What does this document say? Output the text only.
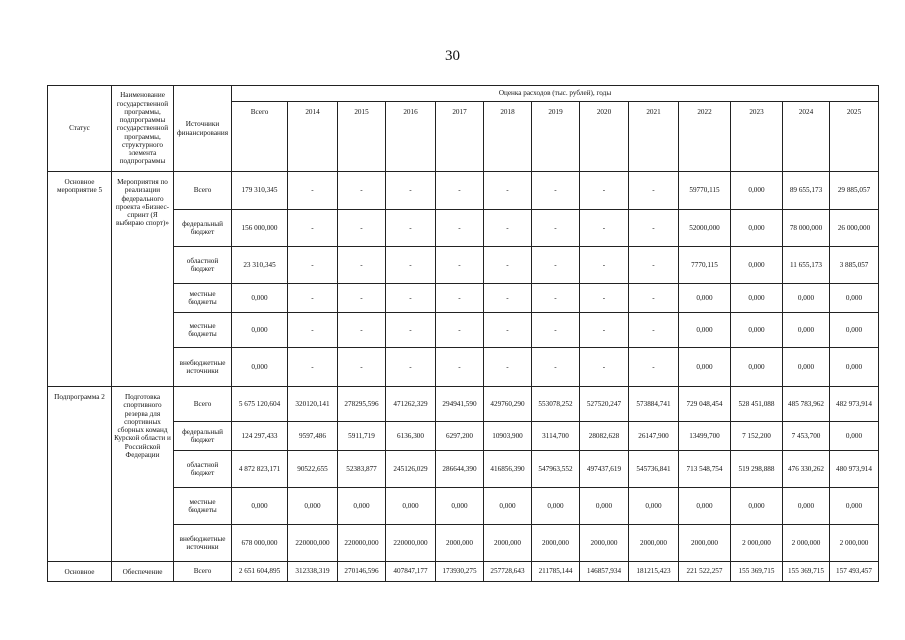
30
Статус	Наименование государственной программы, подпрограммы государственной программы, структурного элемента подпрограммы	Источники финансирования	Оценка расходов (тыс. рублей), годы												
			Всего	2014	2015	2016	2017	2018	2019	2020	2021	2022	2023	2024	2025
Основное мероприятие 5	Мероприятия по реализации федерального проекта «Бизнес-спринт (Я выбираю спорт)»	Всего	179 310,345	-	-	-	-	-	-	-	-	59770,115	0,000	89 655,173	29 885,057
		федеральный бюджет	156 000,000	-	-	-	-	-	-	-	-	52000,000	0,000	78 000,000	26 000,000
		областной бюджет	23 310,345	-	-	-	-	-	-	-	-	7770,115	0,000	11 655,173	3 885,057
		местные бюджеты	0,000	-	-	-	-	-	-	-	-	0,000	0,000	0,000	0,000
		местные бюджеты	0,000	-	-	-	-	-	-	-	-	0,000	0,000	0,000	0,000
		внебюджетные источники	0,000	-	-	-	-	-	-	-	-	0,000	0,000	0,000	0,000
Подпрограмма 2	Подготовка спортивного резерва для спортивных сборных команд Курской области и Российской Федерации	Всего	5 675 120,604	320120,141	278295,596	471262,329	294941,590	429760,290	553078,252	527520,247	573884,741	729 048,454	528 451,088	485 783,962	482 973,914
		федеральный бюджет	124 297,433	9597,486	5911,719	6136,300	6297,200	10903,900	3114,700	28082,628	26147,900	13499,700	7 152,200	7 453,700	0,000
		областной бюджет	4 872 823,171	90522,655	52383,877	245126,029	286644,390	416856,390	547963,552	497437,619	545736,841	713 548,754	519 298,888	476 330,262	480 973,914
		местные бюджеты	0,000	0,000	0,000	0,000	0,000	0,000	0,000	0,000	0,000	0,000	0,000	0,000	0,000
		внебюджетные источники	678 000,000	220000,000	220000,000	220000,000	2000,000	2000,000	2000,000	2000,000	2000,000	2000,000	2 000,000	2 000,000	2 000,000
Основное	Обеспечение	Всего	2 651 604,895	312338,319	270146,596	407847,177	173930,275	257728,643	211785,144	146857,934	181215,423	221 522,257	155 369,715	155 369,715	157 493,457
